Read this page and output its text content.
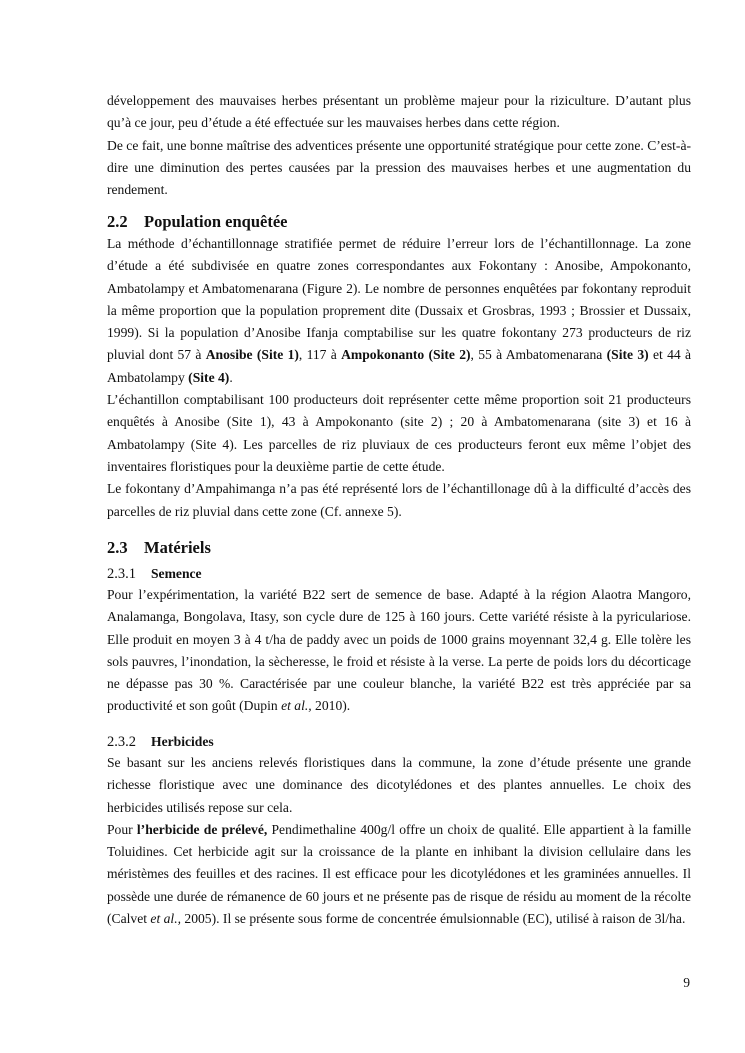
développement des mauvaises herbes présentant un problème majeur pour la riziculture. D’autant plus qu’à ce jour, peu d’étude a été effectuée sur les mauvaises herbes dans cette région.

De ce fait, une bonne maîtrise des adventices présente une opportunité stratégique pour cette zone. C’est-à-dire une diminution des pertes causées par la pression des mauvaises herbes et une augmentation du rendement.

2.2 Population enquêtée

La méthode d’échantillonnage stratifiée permet de réduire l’erreur lors de l’échantillonnage. La zone d’étude a été subdivisée en quatre zones correspondantes aux Fokontany : Anosibe, Ampokonanto, Ambatolampy et Ambatomenarana (Figure 2). Le nombre de personnes enquêtées par fokontany reproduit la même proportion que la population proprement dite (Dussaix et Grosbras, 1993 ; Brossier et Dussaix, 1999). Si la population d’Anosibe Ifanja comptabilise sur les quatre fokontany 273 producteurs de riz pluvial dont 57 à Anosibe (Site 1), 117 à Ampokonanto (Site 2), 55 à Ambatomenarana (Site 3) et 44 à Ambatolampy (Site 4).

L’échantillon comptabilisant 100 producteurs doit représenter cette même proportion soit 21 producteurs enquêtés à Anosibe (Site 1), 43 à Ampokonanto (site 2) ; 20 à Ambatomenarana (site 3) et 16 à Ambatolampy (Site 4). Les parcelles de riz pluviaux de ces producteurs feront eux même l’objet des inventaires floristiques pour la deuxième partie de cette étude.

Le fokontany d’Ampahimanga n’a pas été représenté lors de l’échantillonage dû à la difficulté d’accès des parcelles de riz pluvial dans cette zone (Cf. annexe 5).

2.3 Matériels
2.3.1 Semence

Pour l’expérimentation, la variété B22 sert de semence de base. Adapté à la région Alaotra Mangoro, Analamanga, Bongolava, Itasy, son cycle dure de 125 à 160 jours. Cette variété résiste à la pyriculariose. Elle produit en moyen 3 à 4 t/ha de paddy avec un poids de 1000 grains moyennant 32,4 g. Elle tolère les sols pauvres, l’inondation, la sècheresse, le froid et résiste à la verse. La perte de poids lors du décorticage ne dépasse pas 30 %. Caractérisée par une couleur blanche, la variété B22 est très appréciée par sa productivité et son goût (Dupin et al., 2010).

2.3.2 Herbicides

Se basant sur les anciens relevés floristiques dans la commune, la zone d’étude présente une grande richesse floristique avec une dominance des dicotylédones et des plantes annuelles. Le choix des herbicides utilisés repose sur cela.

Pour l’herbicide de prélevé, Pendimethaline 400g/l offre un choix de qualité. Elle appartient à la famille Toluidines. Cet herbicide agit sur la croissance de la plante en inhibant la division cellulaire dans les méristèmes des feuilles et des racines. Il est efficace pour les dicotylédones et les graminées annuelles. Il possède une durée de rémanence de 60 jours et ne présente pas de risque de résidu au moment de la récolte (Calvet et al., 2005). Il se présente sous forme de concentrée émulsionnable (EC), utilisé à raison de 3l/ha.

9
